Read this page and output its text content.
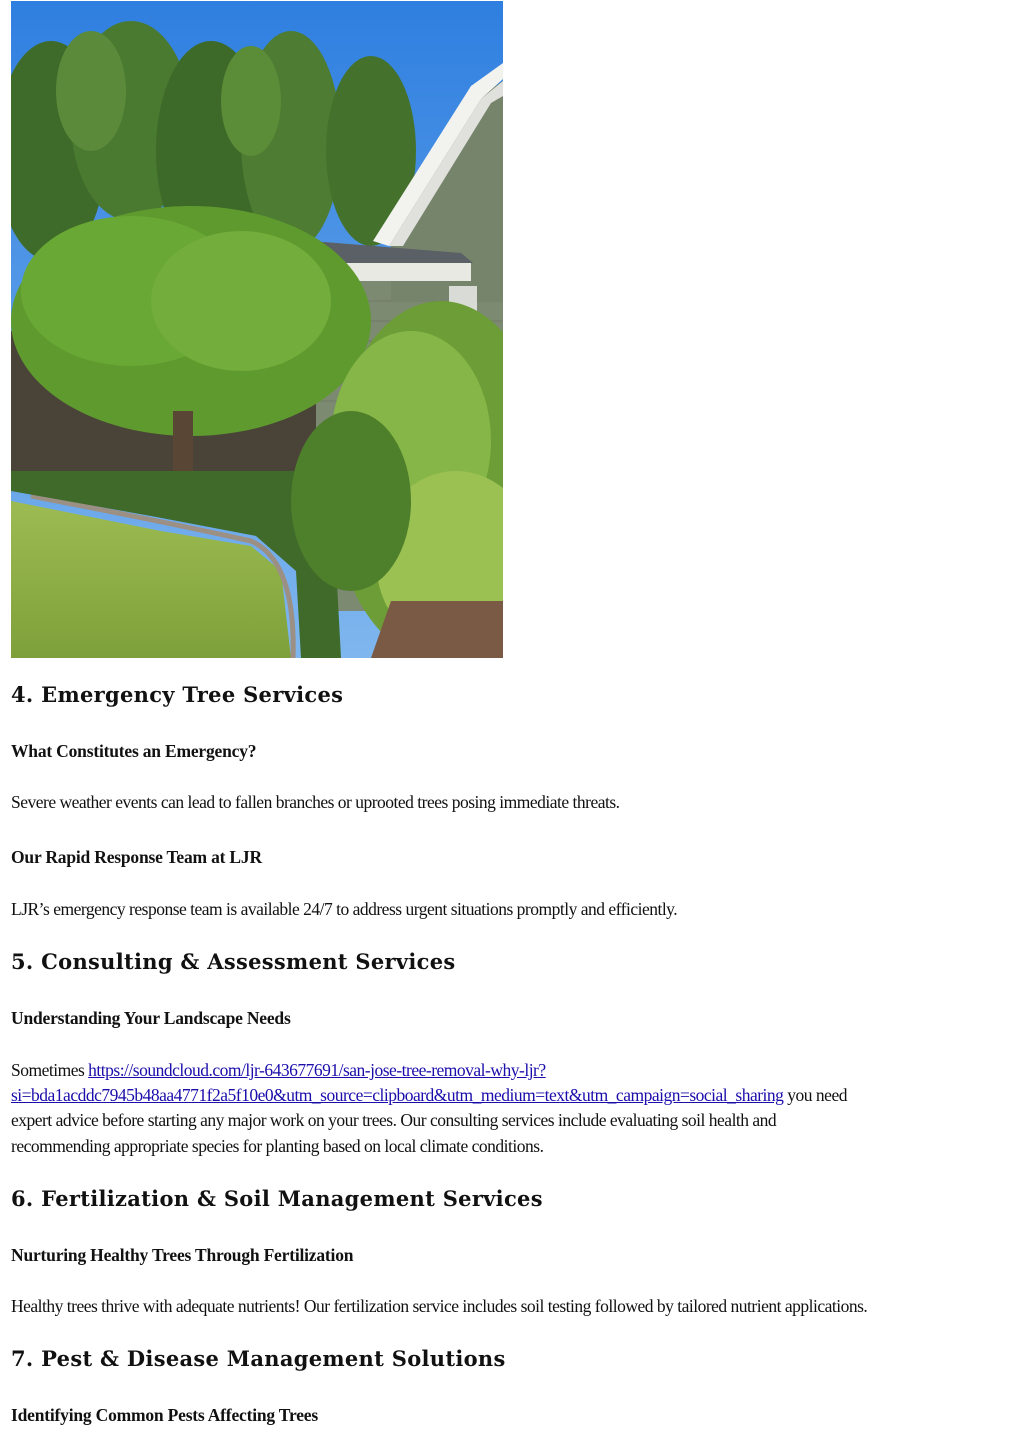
4. Emergency Tree Services
What Constitutes an Emergency?

Severe weather events can lead to fallen branches or uprooted trees posing immediate threats.

Our Rapid Response Team at LJR

LJR’s emergency response team is available 24/7 to address urgent situations promptly and efficiently.

5. Consulting & Assessment Services
Understanding Your Landscape Needs

Sometimes https://soundcloud.com/ljr-643677691/san-jose-tree-removal-why-ljr?

si=bda1acddc7945b48aa4771f2a5f10e0&utm_source=clipboard&utm_medium=text&utm_campaign=social_sharing you need

expert advice before starting any major work on your trees. Our consulting services include evaluating soil health and

recommending appropriate species for planting based on local climate conditions.

6. Fertilization & Soil Management Services
Nurturing Healthy Trees Through Fertilization

Healthy trees thrive with adequate nutrients! Our fertilization service includes soil testing followed by tailored nutrient applications.

7. Pest & Disease Management Solutions
Identifying Common Pests Affecting Trees
